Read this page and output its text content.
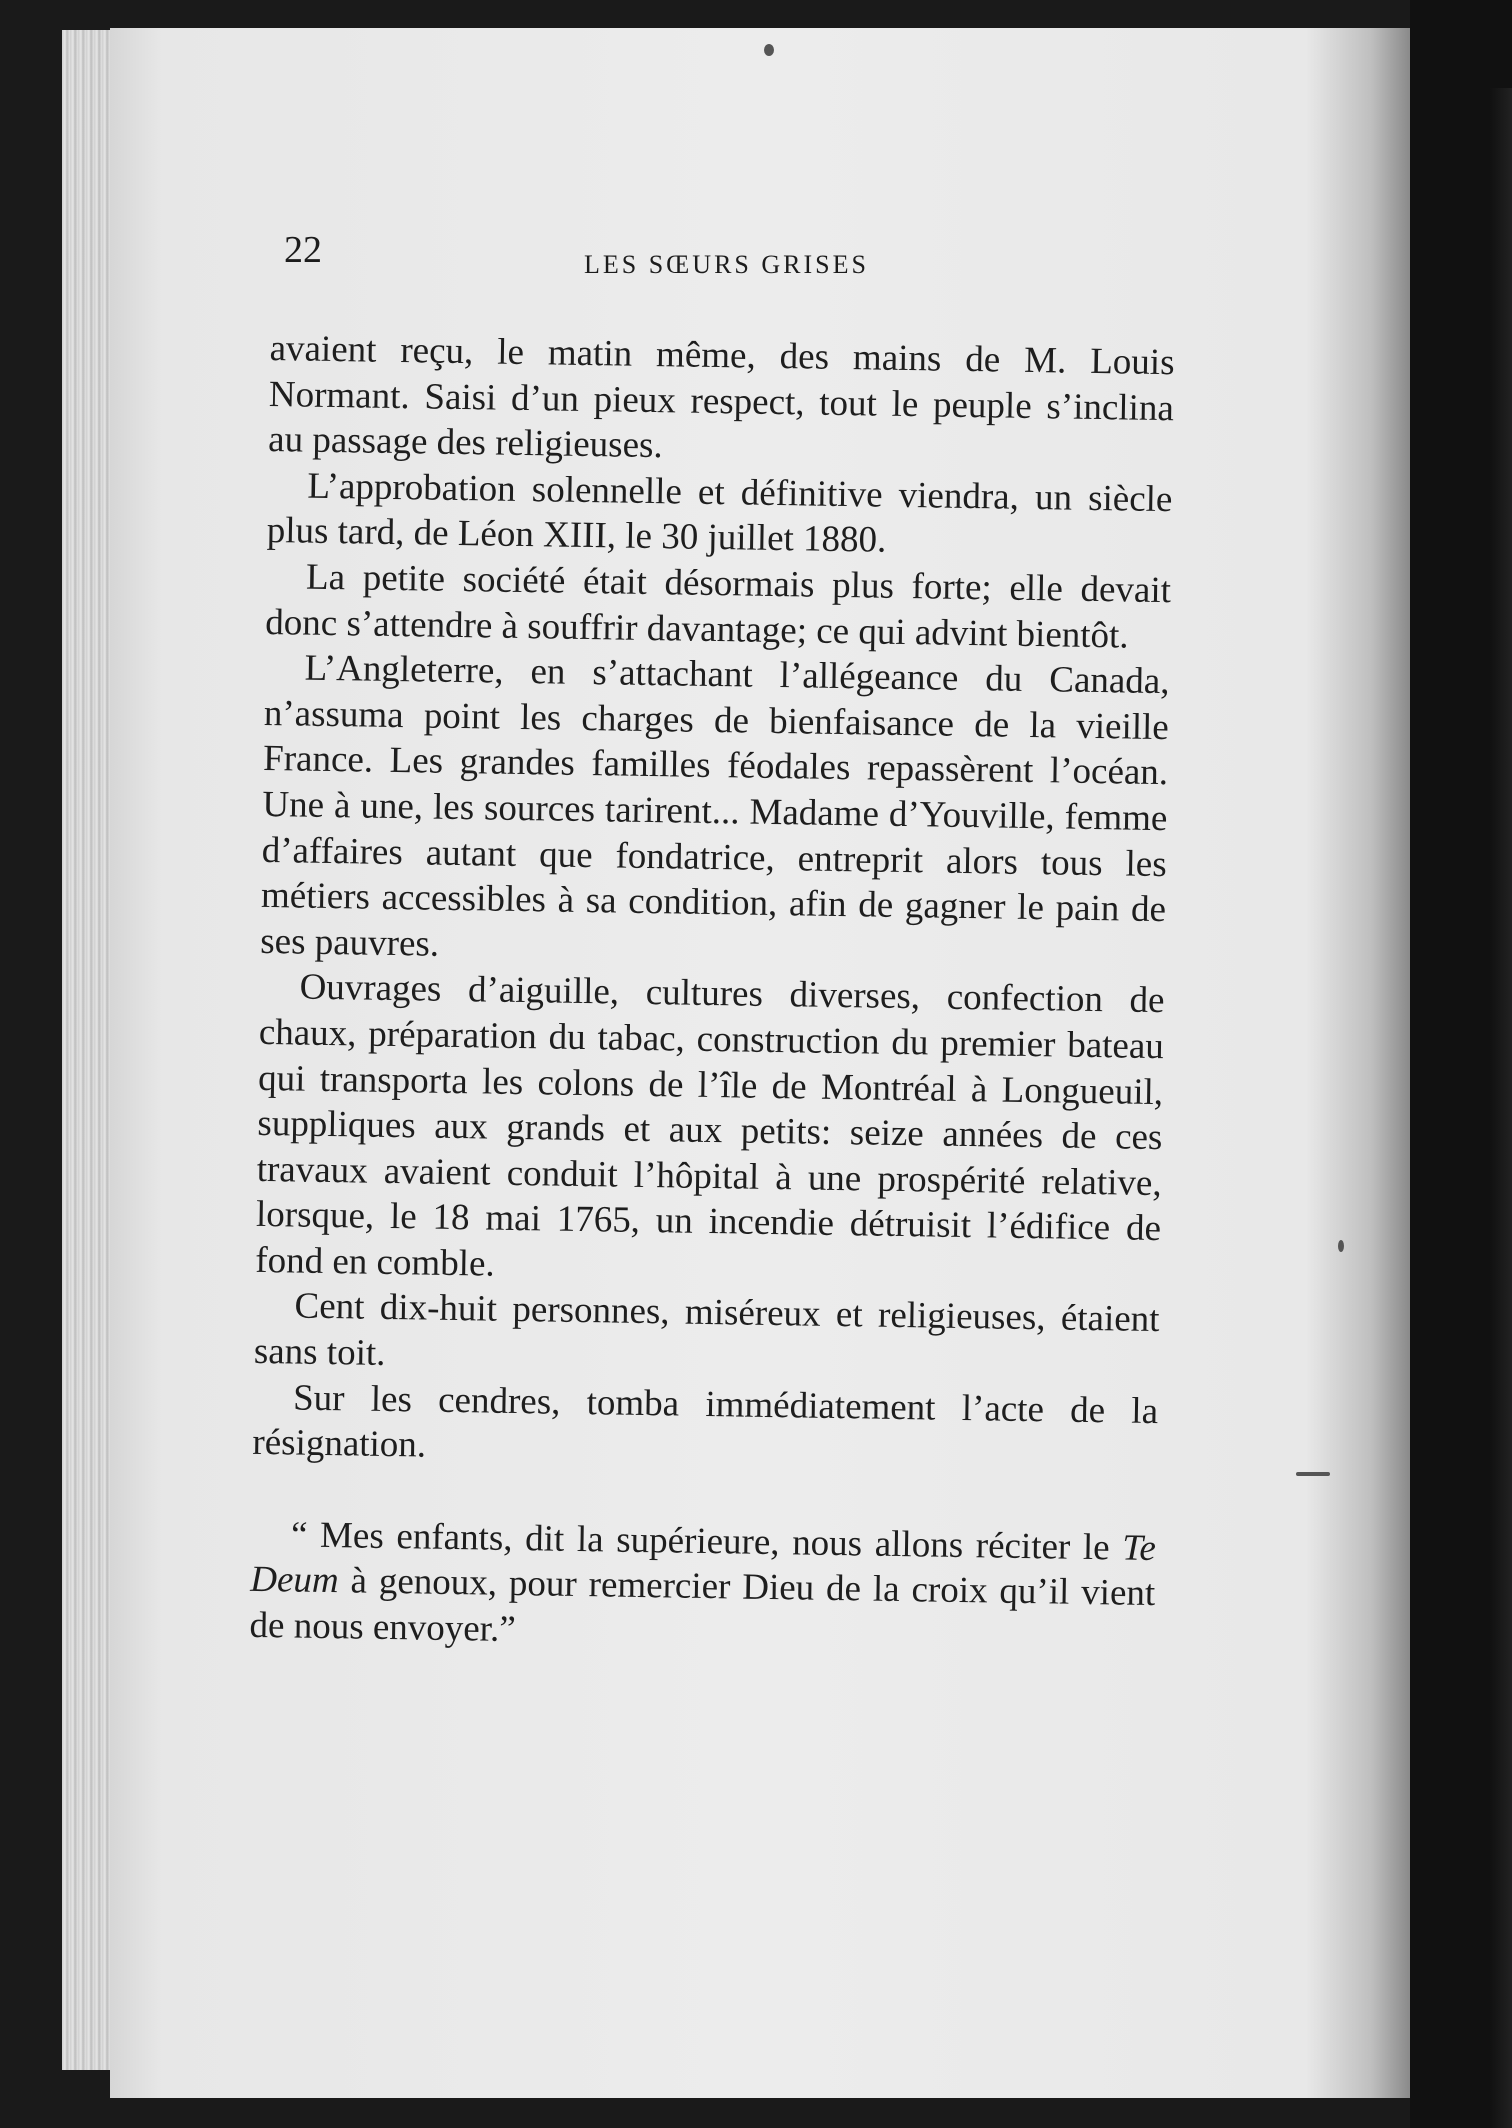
22	LES SŒURS GRISES

avaient reçu, le matin même, des mains de M. Louis Normant. Saisi d’un pieux respect, tout le peuple s’inclina au passage des religieuses.

L’approbation solennelle et définitive viendra, un siècle plus tard, de Léon XIII, le 30 juillet 1880.

La petite société était désormais plus forte; elle devait donc s’attendre à souffrir davantage; ce qui advint bientôt.

L’Angleterre, en s’attachant l’allégeance du Canada, n’assuma point les charges de bienfaisance de la vieille France. Les grandes familles féodales repassèrent l’océan. Une à une, les sources tarirent... Madame d’Youville, femme d’affaires autant que fondatrice, entreprit alors tous les métiers accessibles à sa condition, afin de gagner le pain de ses pauvres.

Ouvrages d’aiguille, cultures diverses, confection de chaux, préparation du tabac, construction du premier bateau qui transporta les colons de l’île de Montréal à Longueuil, suppliques aux grands et aux petits: seize années de ces travaux avaient conduit l’hôpital à une prospérité relative, lorsque, le 18 mai 1765, un incendie détruisit l’édifice de fond en comble.

Cent dix-huit personnes, miséreux et religieuses, étaient sans toit.

Sur les cendres, tomba immédiatement l’acte de la résignation.

“ Mes enfants, dit la supérieure, nous allons réciter le Te Deum à genoux, pour remercier Dieu de la croix qu’il vient de nous envoyer.”
